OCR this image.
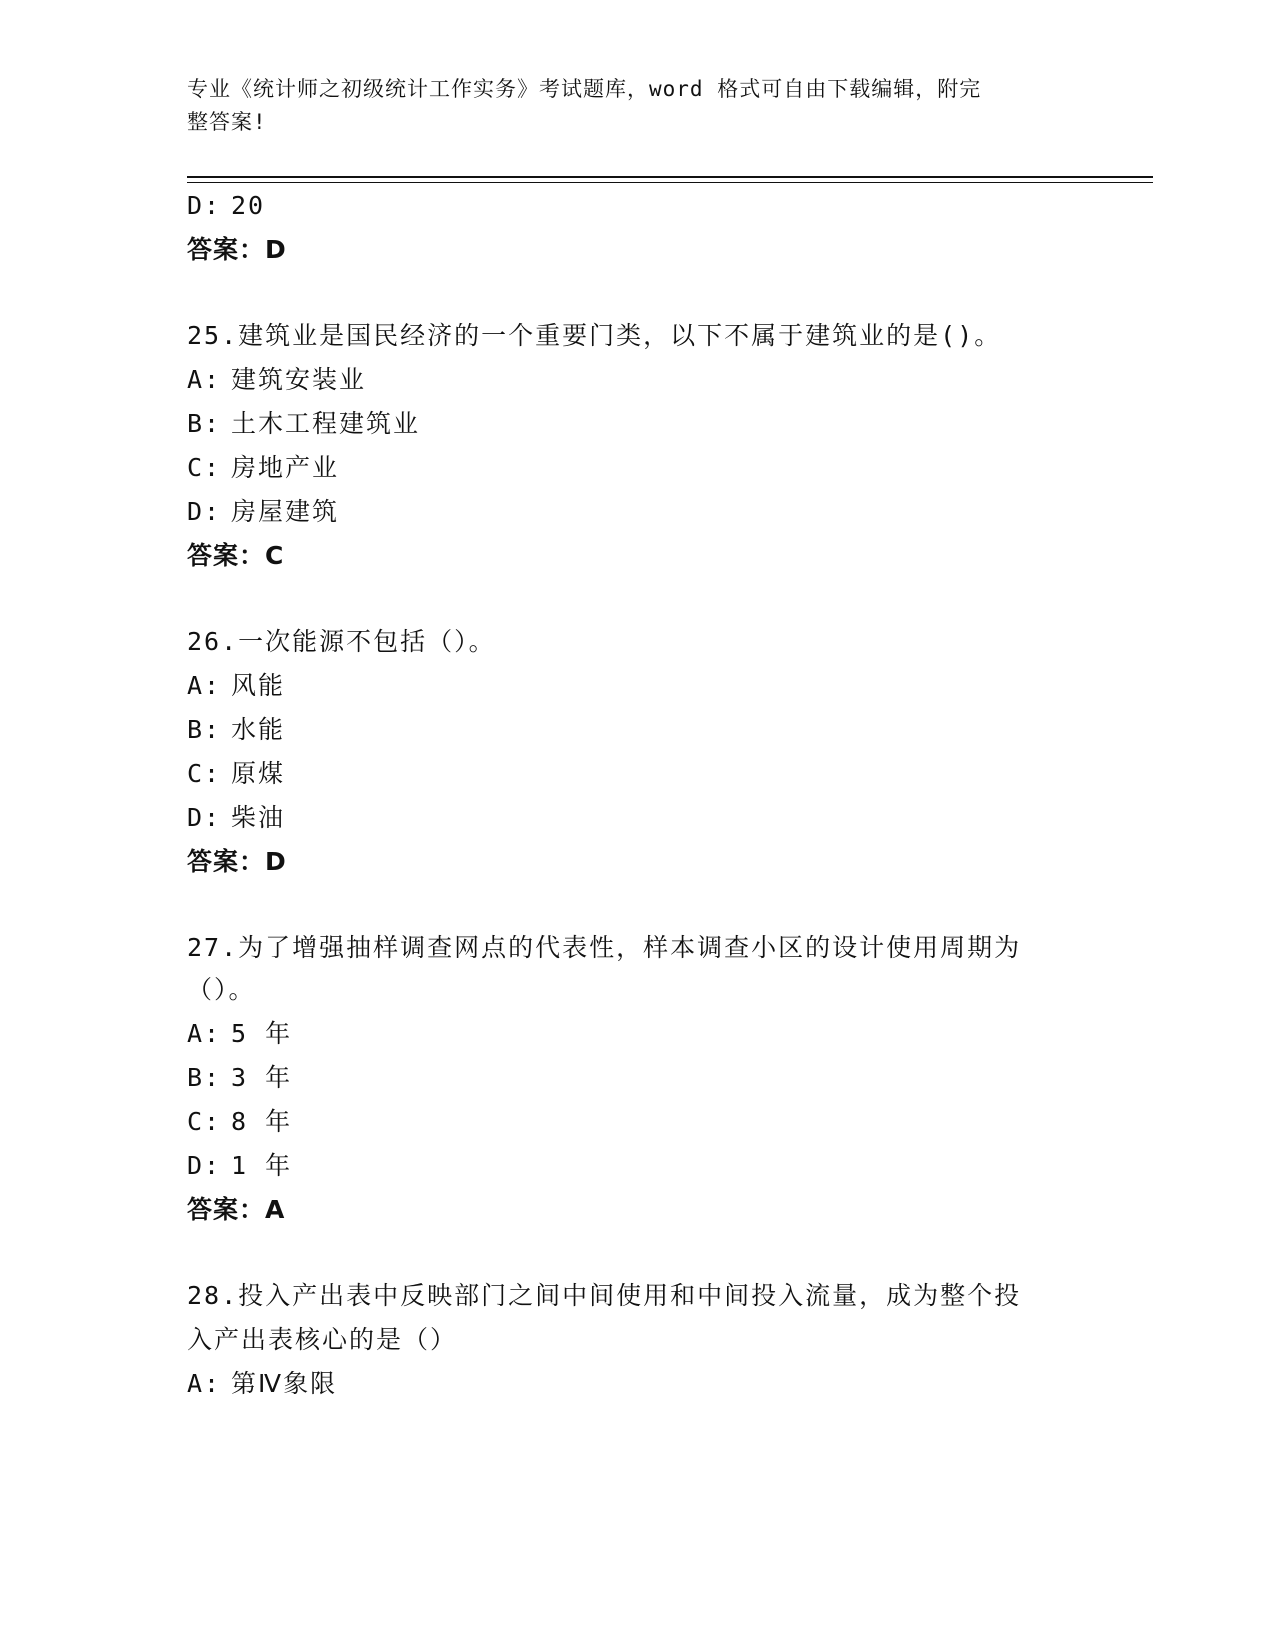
专业《统计师之初级统计工作实务》考试题库，word 格式可自由下载编辑，附完
整答案!
D: 20
答案：D
25.建筑业是国民经济的一个重要门类，以下不属于建筑业的是()。
A: 建筑安装业
B: 土木工程建筑业
C: 房地产业
D: 房屋建筑
答案：C
26.一次能源不包括（）。
A: 风能
B: 水能
C: 原煤
D: 柴油
答案：D
27.为了增强抽样调查网点的代表性，样本调查小区的设计使用周期为
（）。
A: 5 年
B: 3 年
C: 8 年
D: 1 年
答案：A
28.投入产出表中反映部门之间中间使用和中间投入流量，成为整个投
入产出表核心的是（）
A: 第Ⅳ象限
